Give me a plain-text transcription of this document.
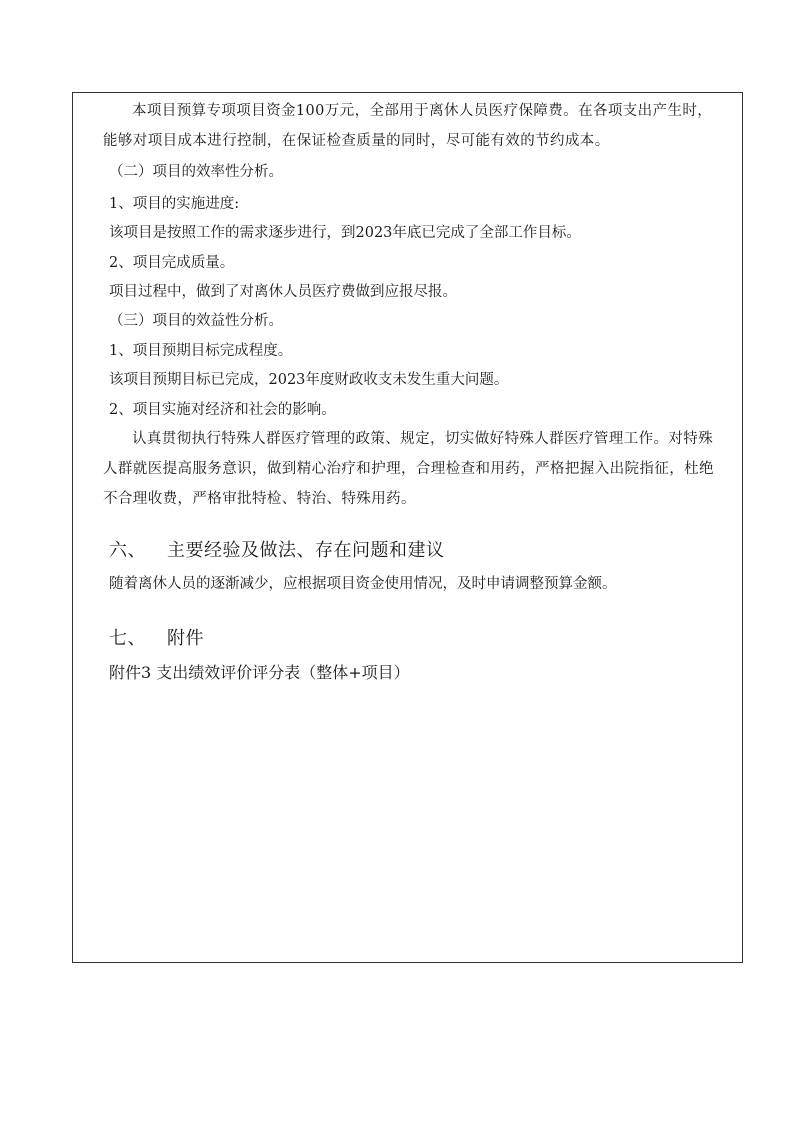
本项目预算专项项目资金100万元，全部用于离休人员医疗保障费。在各项支出产生时，能够对项目成本进行控制，在保证检查质量的同时，尽可能有效的节约成本。
（二）项目的效率性分析。
1、项目的实施进度:
该项目是按照工作的需求逐步进行，到2023年底已完成了全部工作目标。
2、项目完成质量。
项目过程中，做到了对离休人员医疗费做到应报尽报。
（三）项目的效益性分析。
1、项目预期目标完成程度。
该项目预期目标已完成，2023年度财政收支未发生重大问题。
2、项目实施对经济和社会的影响。
认真贯彻执行特殊人群医疗管理的政策、规定，切实做好特殊人群医疗管理工作。对特殊人群就医提高服务意识，做到精心治疗和护理，合理检查和用药，严格把握入出院指征，杜绝不合理收费，严格审批特检、特治、特殊用药。
六、 主要经验及做法、存在问题和建议
随着离休人员的逐渐减少，应根据项目资金使用情况，及时申请调整预算金额。
七、 附件
附件3 支出绩效评价评分表（整体+项目）
